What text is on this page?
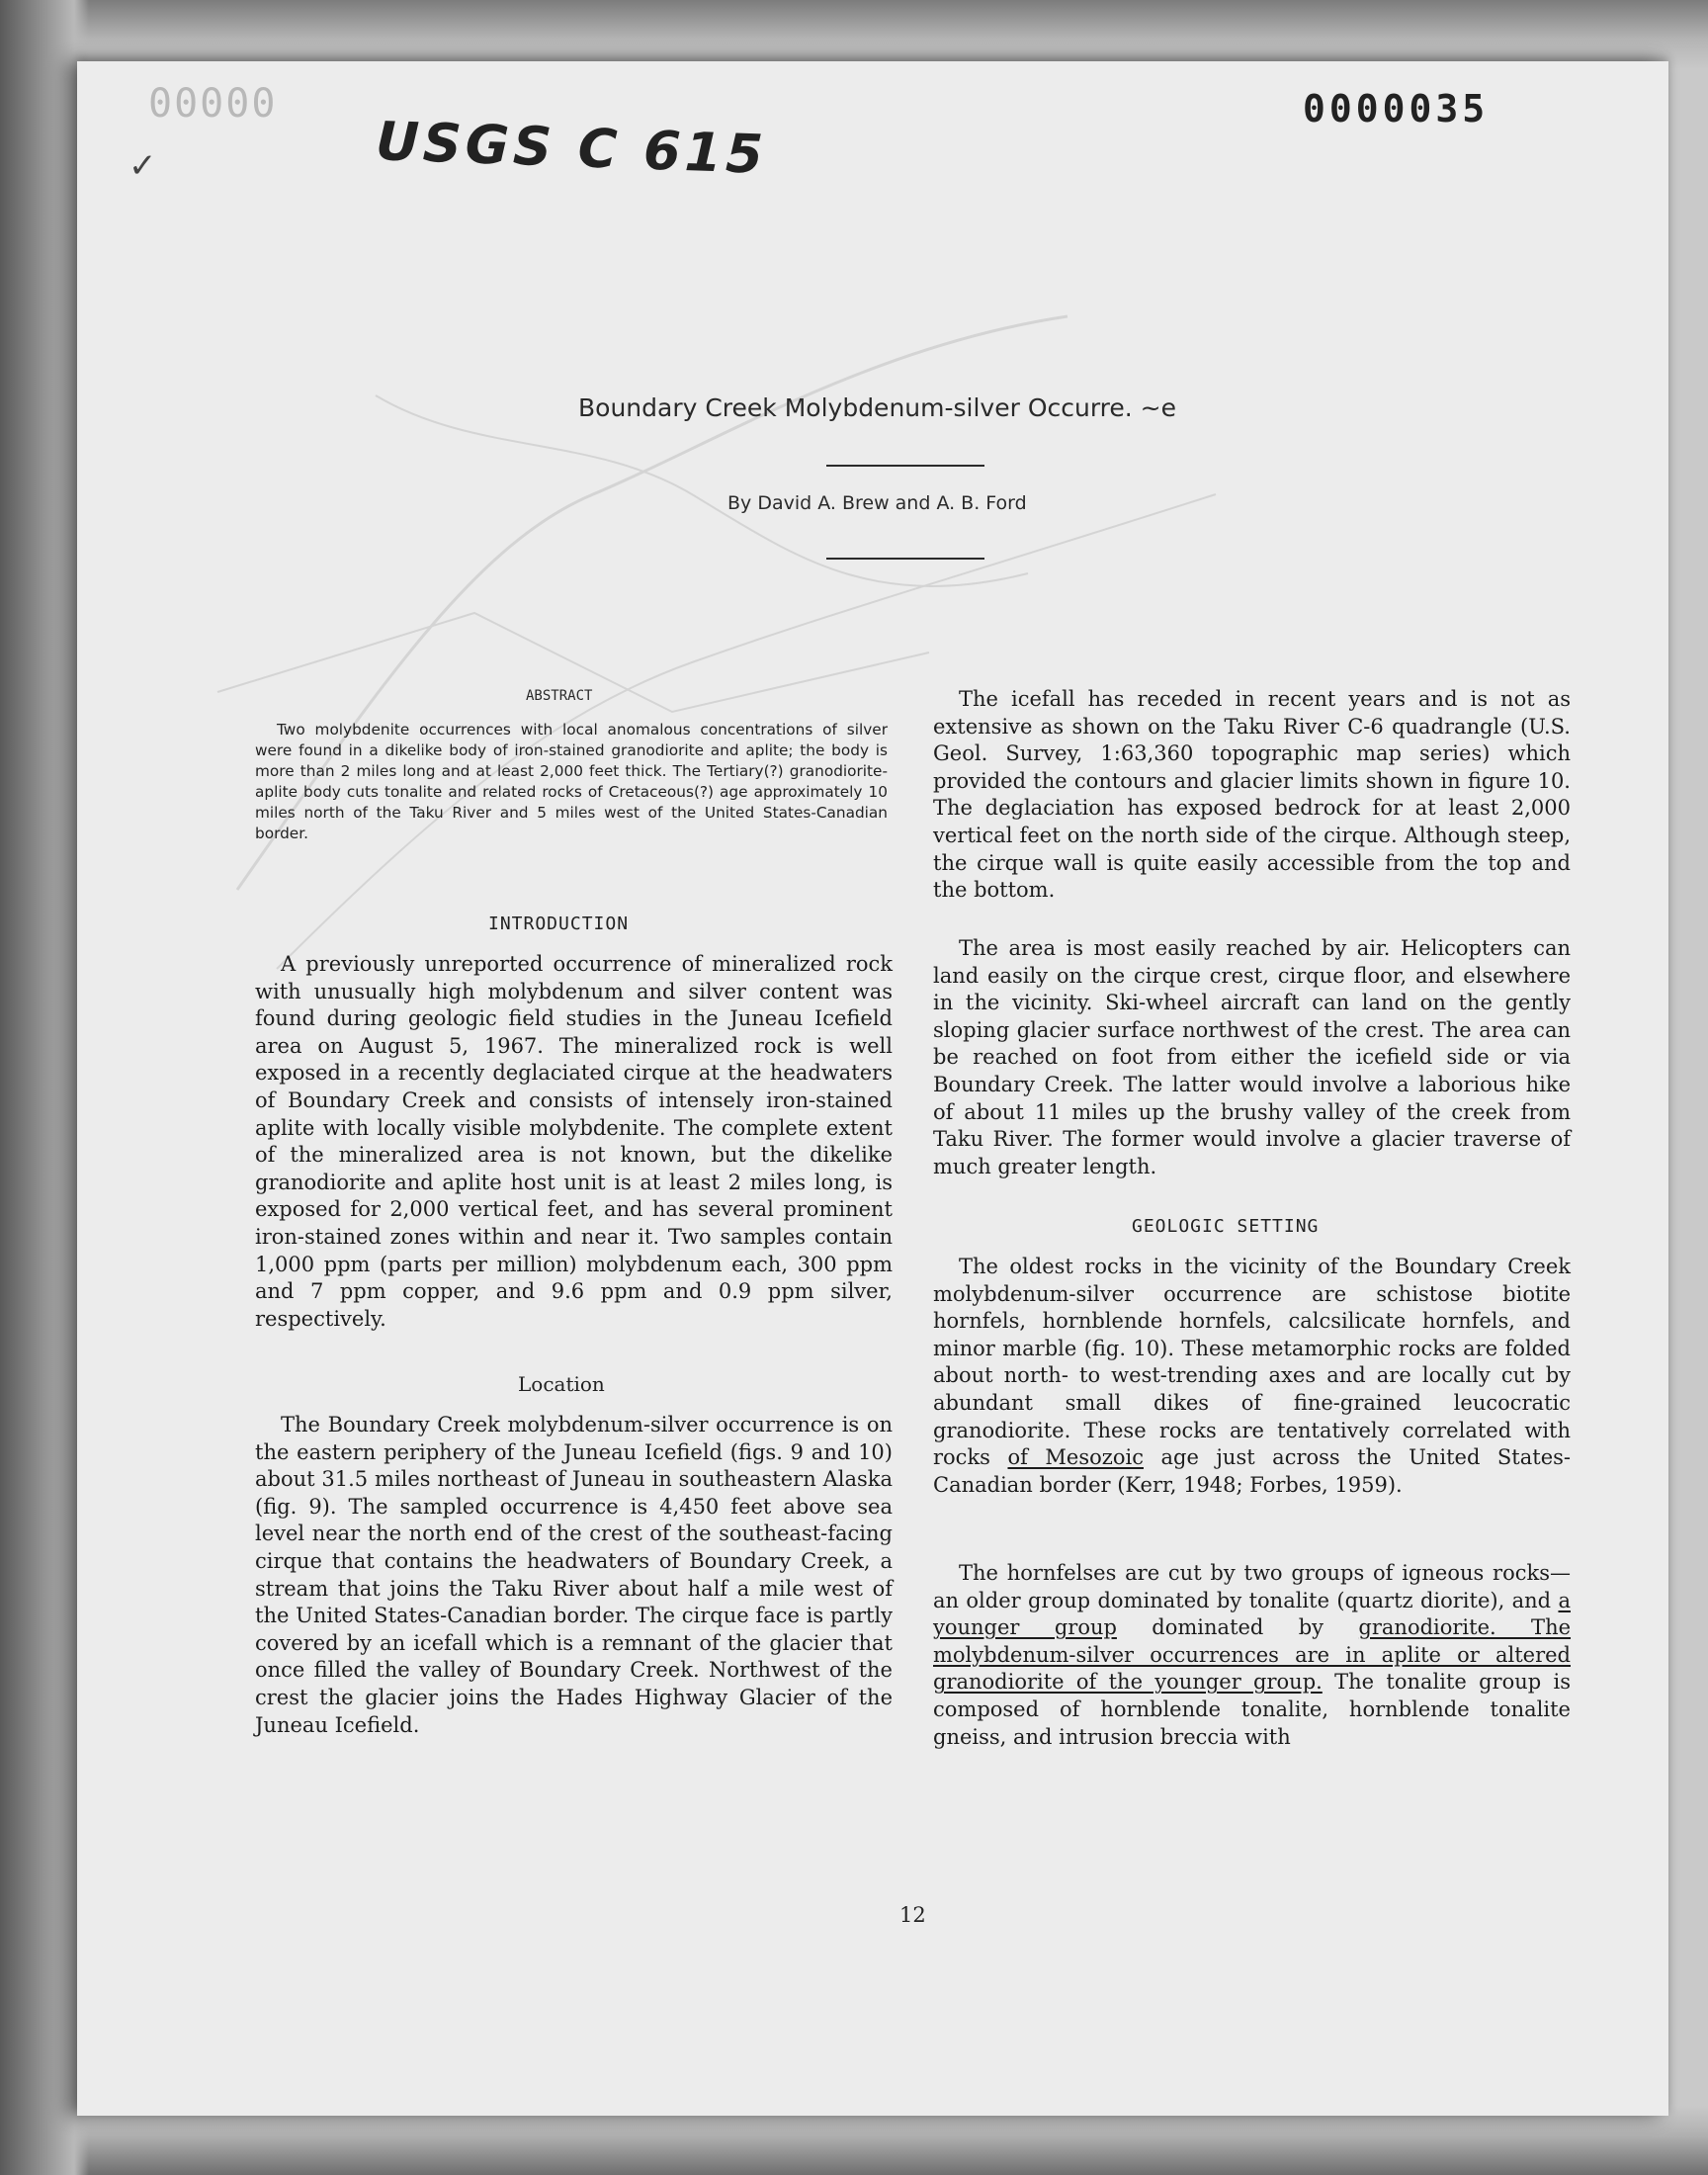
00000
✓	USGS C 615
0000035
Boundary Creek Molybdenum-silver Occurre. ~e
By David A. Brew and A. B. Ford
ABSTRACT
Two molybdenite occurrences with local anomalous concentrations of silver were found in a dikelike body of iron-stained granodiorite and aplite; the body is more than 2 miles long and at least 2,000 feet thick. The Tertiary(?) granodiorite-aplite body cuts tonalite and related rocks of Cretaceous(?) age approximately 10 miles north of the Taku River and 5 miles west of the United States-Canadian border.
INTRODUCTION

A previously unreported occurrence of mineralized rock with unusually high molybdenum and silver content was found during geologic field studies in the Juneau Icefield area on August 5, 1967. The mineralized rock is well exposed in a recently deglaciated cirque at the headwaters of Boundary Creek and consists of intensely iron-stained aplite with locally visible molybdenite. The complete extent of the mineralized area is not known, but the dikelike granodiorite and aplite host unit is at least 2 miles long, is exposed for 2,000 vertical feet, and has several prominent iron-stained zones within and near it. Two samples contain 1,000 ppm (parts per million) molybdenum each, 300 ppm and 7 ppm copper, and 9.6 ppm and 0.9 ppm silver, respectively.

Location

The Boundary Creek molybdenum-silver occurrence is on the eastern periphery of the Juneau Icefield (figs. 9 and 10) about 31.5 miles northeast of Juneau in southeastern Alaska (fig. 9). The sampled occurrence is 4,450 feet above sea level near the north end of the crest of the southeast-facing cirque that contains the headwaters of Boundary Creek, a stream that joins the Taku River about half a mile west of the United States-Canadian border. The cirque face is partly covered by an icefall which is a remnant of the glacier that once filled the valley of Boundary Creek. Northwest of the crest the glacier joins the Hades Highway Glacier of the Juneau Icefield.

The icefall has receded in recent years and is not as extensive as shown on the Taku River C-6 quadrangle (U.S. Geol. Survey, 1:63,360 topographic map series) which provided the contours and glacier limits shown in figure 10. The deglaciation has exposed bedrock for at least 2,000 vertical feet on the north side of the cirque. Although steep, the cirque wall is quite easily accessible from the top and the bottom.

The area is most easily reached by air. Helicopters can land easily on the cirque crest, cirque floor, and elsewhere in the vicinity. Ski-wheel aircraft can land on the gently sloping glacier surface northwest of the crest. The area can be reached on foot from either the icefield side or via Boundary Creek. The latter would involve a laborious hike of about 11 miles up the brushy valley of the creek from Taku River. The former would involve a glacier traverse of much greater length.

GEOLOGIC SETTING

The oldest rocks in the vicinity of the Boundary Creek molybdenum-silver occurrence are schistose biotite hornfels, hornblende hornfels, calcsilicate hornfels, and minor marble (fig. 10). These metamorphic rocks are folded about north- to west-trending axes and are locally cut by abundant small dikes of fine-grained leucocratic granodiorite. These rocks are tentatively correlated with rocks of Mesozoic age just across the United States-Canadian border (Kerr, 1948; Forbes, 1959).

The hornfelses are cut by two groups of igneous rocks—an older group dominated by tonalite (quartz diorite), and a younger group dominated by granodiorite. The molybdenum-silver occurrences are in aplite or altered granodiorite of the younger group. The tonalite group is composed of hornblende tonalite, hornblende tonalite gneiss, and intrusion breccia with

12
